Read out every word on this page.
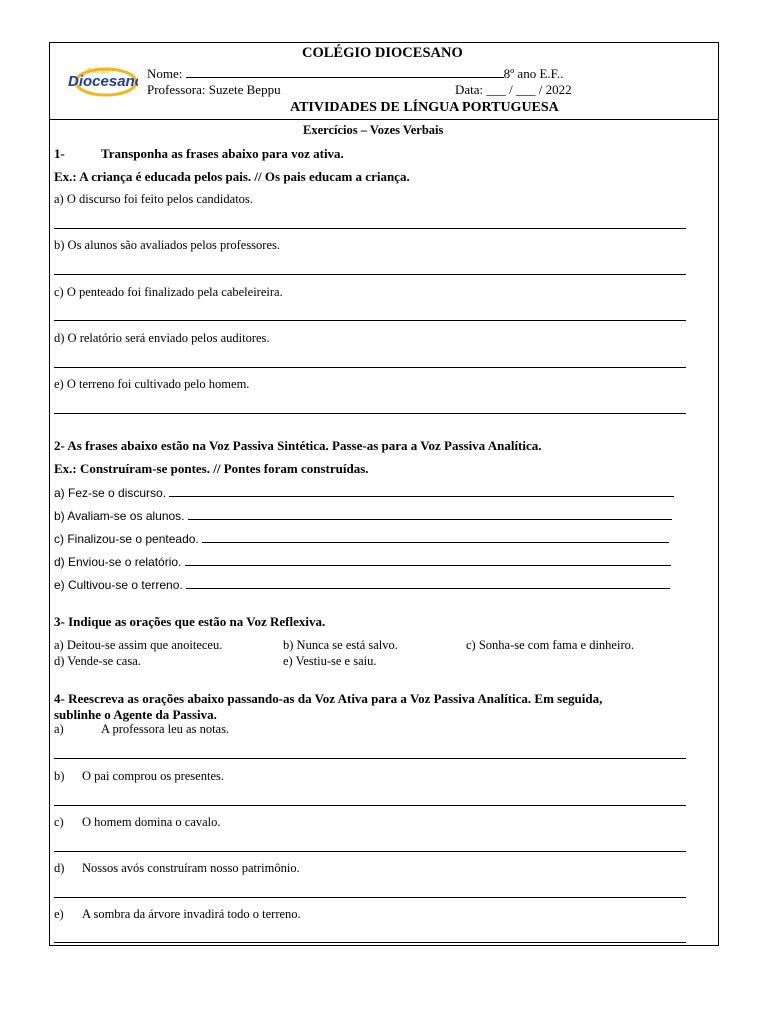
Colégio
Diocesano
COLÉGIO DIOCESANO
Nome:	8º ano E.F..
Professora: Suzete Beppu	Data: ___ / ___ / 2022
ATIVIDADES DE LÍNGUA PORTUGUESA
Exercícios – Vozes Verbais
1-	Transponha as frases abaixo para voz ativa.
Ex.: A criança é educada pelos pais. // Os pais educam a criança.
a) O discurso foi feito pelos candidatos.
b) Os alunos são avaliados pelos professores.
c) O penteado foi finalizado pela cabeleireira.
d) O relatório será enviado pelos auditores.
e) O terreno foi cultivado pelo homem.
2- As frases abaixo estão na Voz Passiva Sintética. Passe-as para a Voz Passiva Analítica.
Ex.: Construíram-se pontes. // Pontes foram construídas.
a) Fez-se o discurso.
b) Avaliam-se os alunos.
c) Finalizou-se o penteado.
d) Enviou-se o relatório.
e) Cultivou-se o terreno.
3- Indique as orações que estão na Voz Reflexiva.
a) Deitou-se assim que anoiteceu.	b) Nunca se está salvo.	c) Sonha-se com fama e dinheiro.
d) Vende-se casa.	e) Vestiu-se e saiu.
4- Reescreva as orações abaixo passando-as da Voz Ativa para a Voz Passiva Analítica. Em seguida,
sublinhe o Agente da Passiva.
a)	A professora leu as notas.
b) O pai comprou os presentes.
c) O homem domina o cavalo.
d) Nossos avós construíram nosso patrimônio.
e) A sombra da árvore invadirá todo o terreno.
